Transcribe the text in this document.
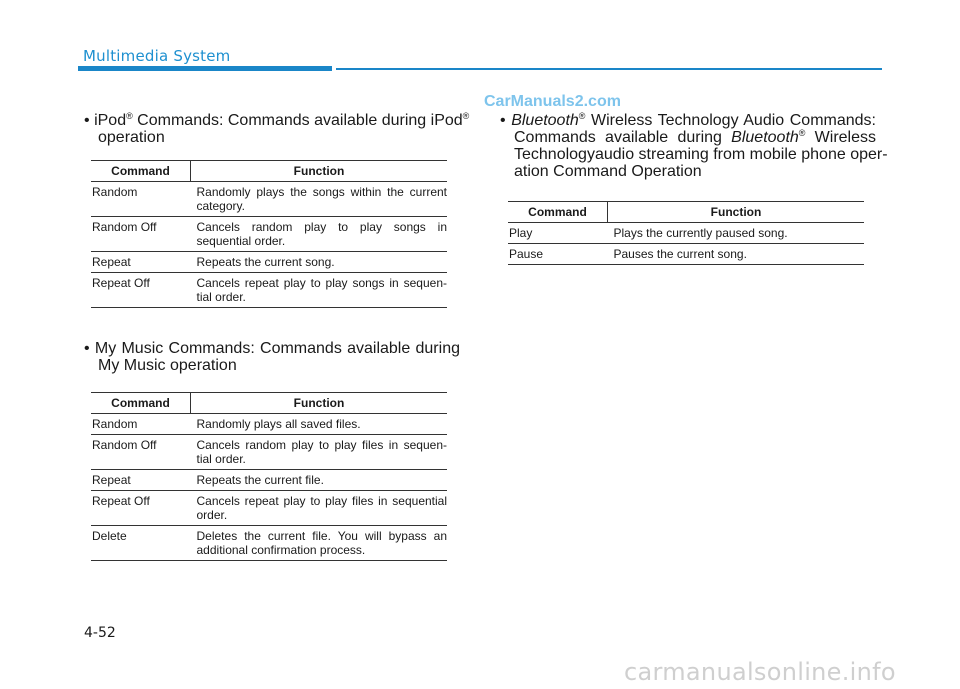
Multimedia System
CarManuals2.com
• iPod® Commands: Commands available during iPod®
operation
Command	Function
Random	Randomly plays the songs within the current
category.

Random Off	Cancels random play to play songs in
sequential order.

Repeat	Repeats the current song.

Repeat Off	Cancels repeat play to play songs in sequen-
tial order.
• My Music Commands: Commands available during
My Music operation
Command	Function
Random	Randomly plays all saved files.

Random Off	Cancels random play to play files in sequen-
tial order.

Repeat	Repeats the current file.

Repeat Off	Cancels repeat play to play files in sequential
order.

Delete	Deletes the current file. You will bypass an
additional confirmation process.
• Bluetooth® Wireless Technology Audio Commands:
Commands available during Bluetooth® Wireless
Technologyaudio streaming from mobile phone oper-
ation Command Operation
Command	Function
Play	Plays the currently paused song.
Pause	Pauses the current song.
4-52
carmanualsonline.info
